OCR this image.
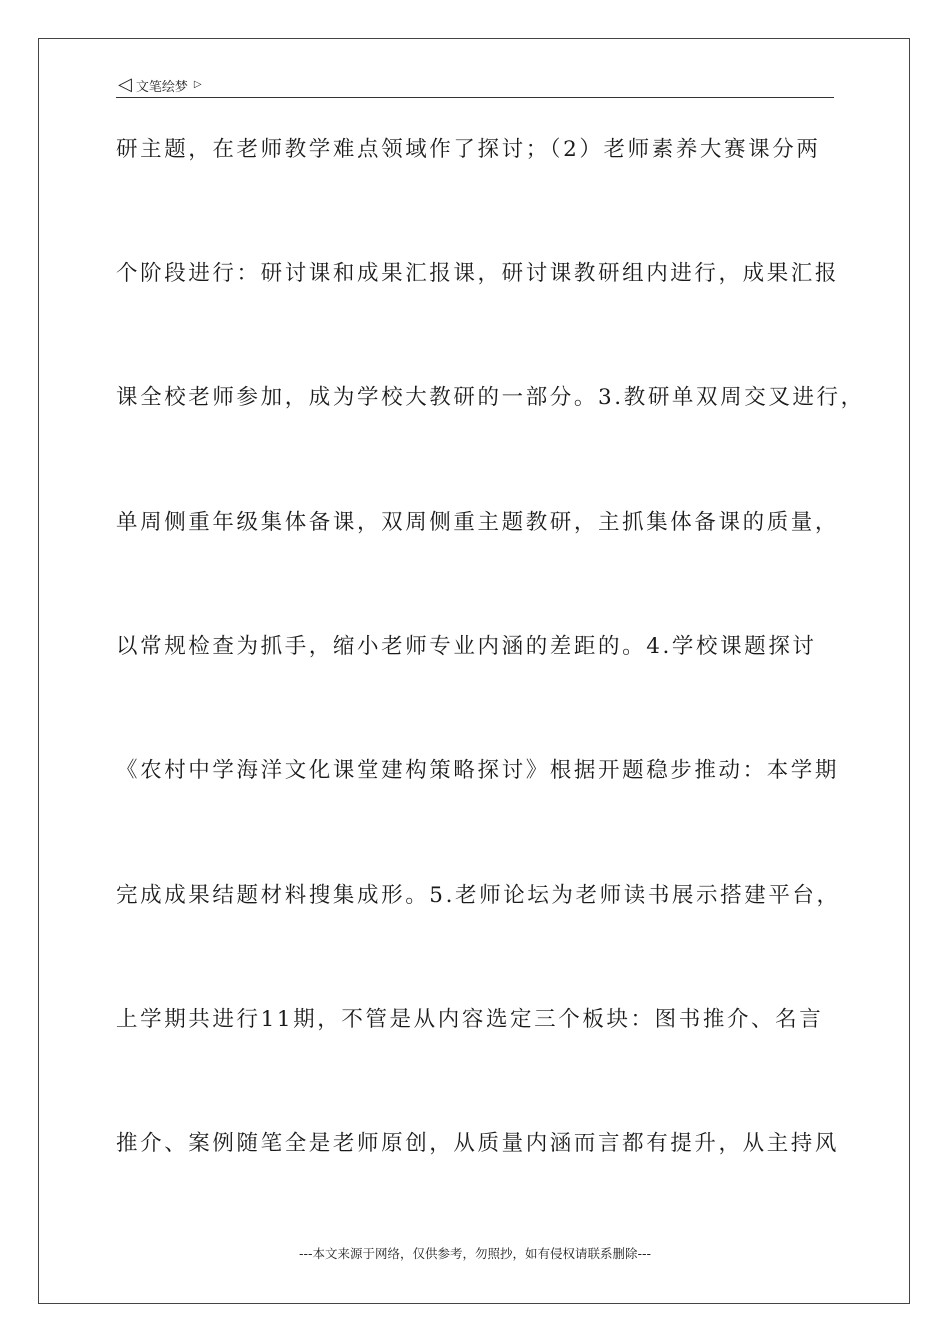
◁ 文笔绘梦 ▷
研主题，在老师教学难点领域作了探讨；（2）老师素养大赛课分两
个阶段进行：研讨课和成果汇报课，研讨课教研组内进行，成果汇报
课全校老师参加，成为学校大教研的一部分。3.教研单双周交叉进行，
单周侧重年级集体备课，双周侧重主题教研，主抓集体备课的质量，
以常规检查为抓手，缩小老师专业内涵的差距的。4.学校课题探讨
《农村中学海洋文化课堂建构策略探讨》根据开题稳步推动：本学期
完成成果结题材料搜集成形。5.老师论坛为老师读书展示搭建平台，
上学期共进行11期，不管是从内容选定三个板块：图书推介、名言
推介、案例随笔全是老师原创，从质量内涵而言都有提升，从主持风
---本文来源于网络，仅供参考，勿照抄，如有侵权请联系删除---
